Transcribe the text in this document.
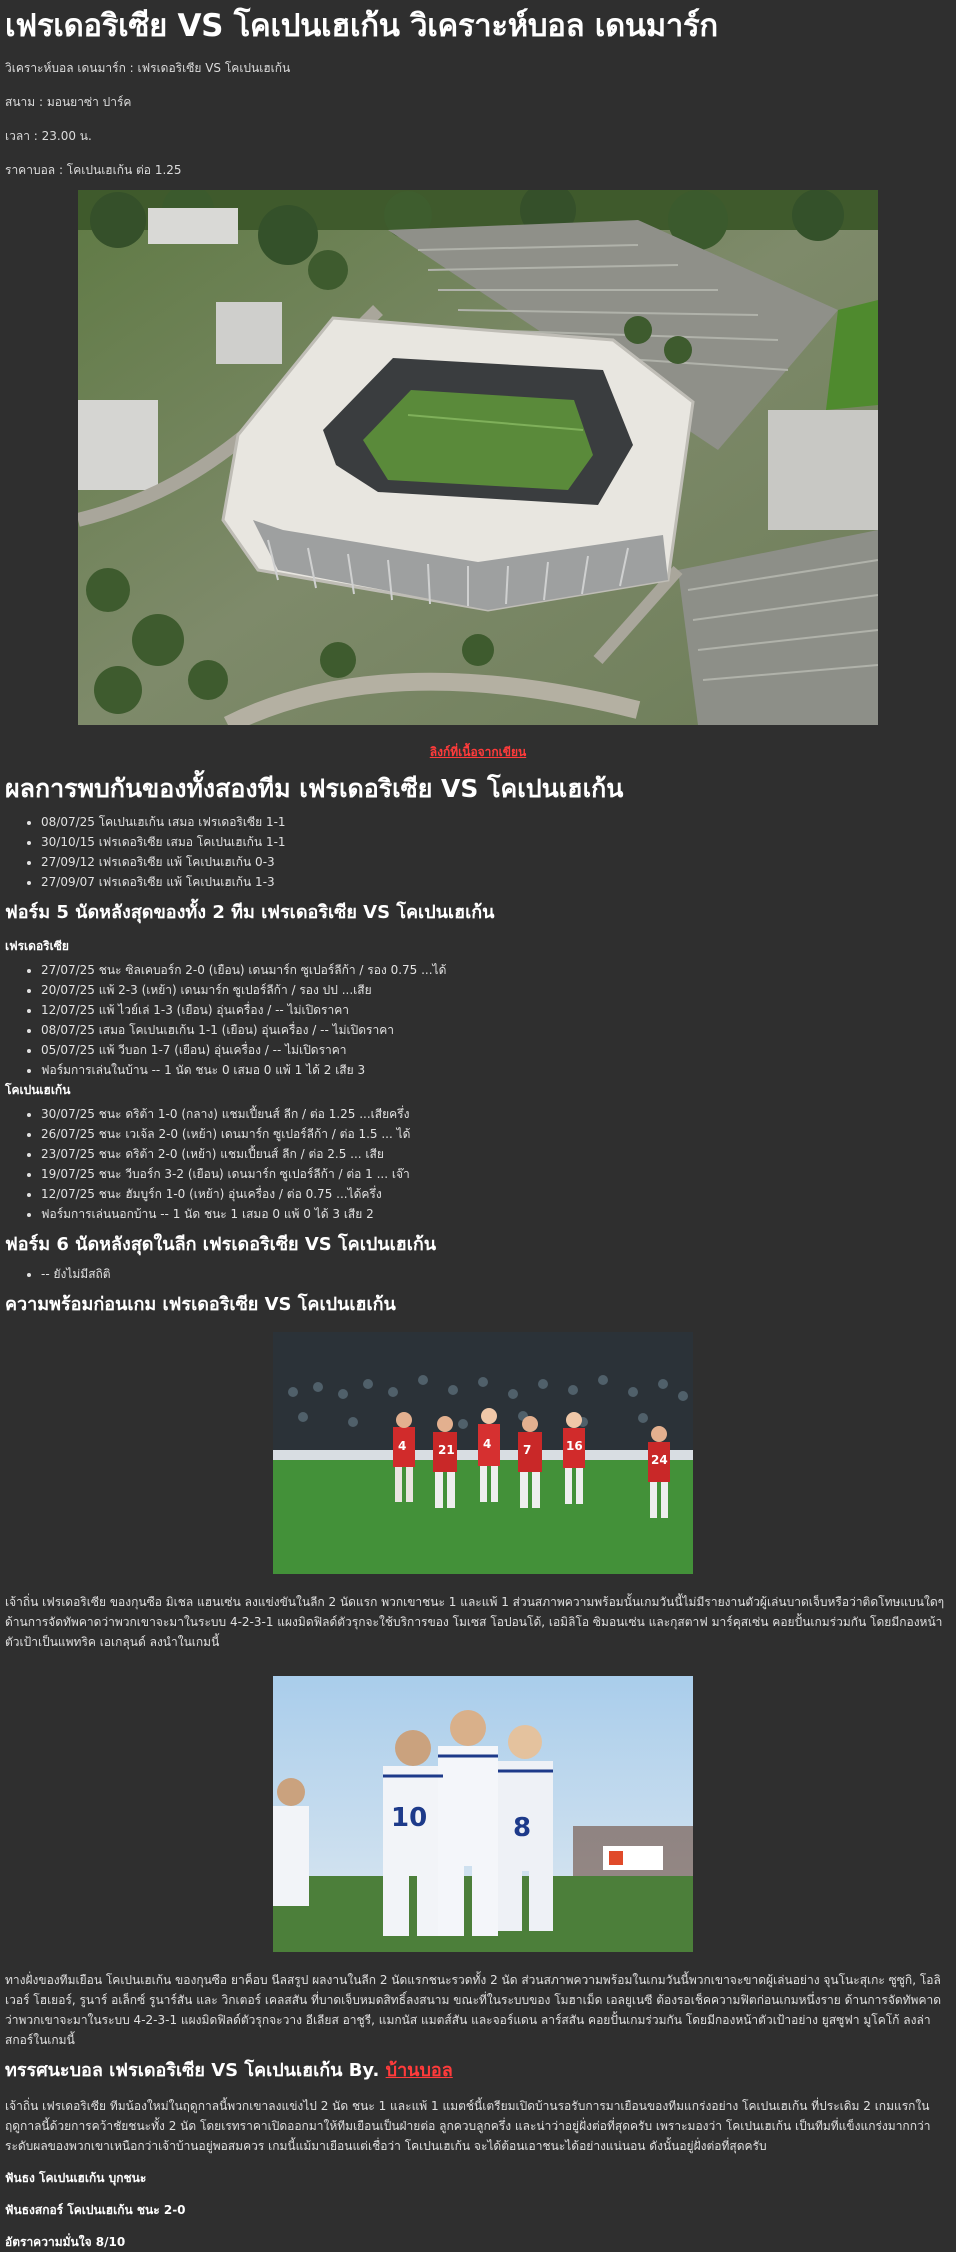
เฟรเดอริเซีย VS โคเปนเฮเก้น วิเคราะห์บอล เดนมาร์ก

วิเคราะห์บอล เดนมาร์ก : เฟรเดอริเซีย VS โคเปนเฮเก้น

สนาม : มอนยาซ่า ปาร์ค

เวลา : 23.00 น.

ราคาบอล : โคเปนเฮเก้น ต่อ 1.25

ลิงก์ที่เนื้อจากเขียน

ผลการพบกันของทั้งสองทีม เฟรเดอริเซีย VS โคเปนเฮเก้น
• 08/07/25 โคเปนเฮเก้น เสมอ เฟรเดอริเซีย 1-1
• 30/10/15 เฟรเดอริเซีย เสมอ โคเปนเฮเก้น 1-1
• 27/09/12 เฟรเดอริเซีย แพ้ โคเปนเฮเก้น 0-3
• 27/09/07 เฟรเดอริเซีย แพ้ โคเปนเฮเก้น 1-3
ฟอร์ม 5 นัดหลังสุดของทั้ง 2 ทีม เฟรเดอริเซีย VS โคเปนเฮเก้น
เฟรเดอริเซีย
• 27/07/25 ชนะ ซิลเคบอร์ก 2-0 (เยือน) เดนมาร์ก ซูเปอร์ลีก้า / รอง 0.75 ...ได้
• 20/07/25 แพ้ 2-3 (เหย้า) เดนมาร์ก ซูเปอร์ลีก้า / รอง ปป ...เสีย
• 12/07/25 แพ้ ไวย์เล่ 1-3 (เยือน) อุ่นเครื่อง / -- ไม่เปิดราคา
• 08/07/25 เสมอ โคเปนเฮเก้น 1-1 (เยือน) อุ่นเครื่อง / -- ไม่เปิดราคา
• 05/07/25 แพ้ วีบอก 1-7 (เยือน) อุ่นเครื่อง / -- ไม่เปิดราคา
• ฟอร์มการเล่นในบ้าน -- 1 นัด ชนะ 0 เสมอ 0 แพ้ 1 ได้ 2 เสีย 3
โคเปนเฮเก้น
• 30/07/25 ชนะ ดริต้า 1-0 (กลาง) แชมเปี้ยนส์ ลีก / ต่อ 1.25 ...เสียครึ่ง
• 26/07/25 ชนะ เวเจ้ล 2-0 (เหย้า) เดนมาร์ก ซูเปอร์ลีก้า / ต่อ 1.5 ... ได้
• 23/07/25 ชนะ ดริต้า 2-0 (เหย้า) แชมเปี้ยนส์ ลีก / ต่อ 2.5 ... เสีย
• 19/07/25 ชนะ วีบอร์ก 3-2 (เยือน) เดนมาร์ก ซูเปอร์ลีก้า / ต่อ 1 ... เจ๊า
• 12/07/25 ชนะ ฮัมบูร์ก 1-0 (เหย้า) อุ่นเครื่อง / ต่อ 0.75 ...ได้ครึ่ง
• ฟอร์มการเล่นนอกบ้าน -- 1 นัด ชนะ 1 เสมอ 0 แพ้ 0 ได้ 3 เสีย 2
ฟอร์ม 6 นัดหลังสุดในลีก เฟรเดอริเซีย VS โคเปนเฮเก้น
• -- ยังไม่มีสถิติ
ความพร้อมก่อนเกม เฟรเดอริเซีย VS โคเปนเฮเก้น
4	21 4	7	16
24

เจ้าถิ่น เฟรเดอริเซีย ของกุนซือ มิเชล แฮนเซ่น ลงแข่งขันในลีก 2 นัดแรก พวกเขาชนะ 1 และแพ้ 1 ส่วนสภาพความพร้อมนั้นเกมวันนี้ไม่มีรายงานตัวผู้เล่นบาดเจ็บหรือว่าติดโทษแบนใดๆ ด้านการจัดทัพคาดว่าพวกเขาจะมาในระบบ 4-2-3-1 แผงมิดฟิลด์ตัวรุกจะใช้บริการของ โมเซส โอปอนโด้, เอมิลิโอ ซิมอนเซ่น และกุสตาฟ มาร์คุสเซ่น คอยปั้นเกมร่วมกัน โดยมีกองหน้าตัวเป้าเป็นแพทริค เอเกลุนด์ ลงนำในเกมนี้

10	8

ทางฝั่งของทีมเยือน โคเปนเฮเก้น ของกุนซือ ยาค็อบ นีลสรูป ผลงานในลีก 2 นัดแรกชนะรวดทั้ง 2 นัด ส่วนสภาพความพร้อมในเกมวันนี้พวกเขาจะขาดผู้เล่นอย่าง จุนโนะสุเกะ ซูซูกิ, โอลิเวอร์ โฮเยอร์, รูนาร์ อเล็กซ์ รูนาร์สัน และ วิกเตอร์ เคลสสัน ที่บาดเจ็บหมดสิทธิ์ลงสนาม ขณะที่ในระบบของ โมฮาเม็ด เอลยูเนซี ต้องรอเช็คความฟิตก่อนเกมหนึ่งราย ด้านการจัดทัพคาดว่าพวกเขาจะมาในระบบ 4-2-3-1 แผงมิดฟิลด์ตัวรุกจะวาง อีเลียส อาชูรี, แมกนัส แมตส์สัน และจอร์แดน ลาร์สสัน คอยปั้นเกมร่วมกัน โดยมีกองหน้าตัวเป้าอย่าง ยูสซูฟา มูโคโก้ ลงล่าสกอร์ในเกมนี้

ทรรศนะบอล เฟรเดอริเซีย VS โคเปนเฮเก้น By. บ้านบอล

เจ้าถิ่น เฟรเดอริเซีย ทีมน้องใหม่ในฤดูกาลนี้พวกเขาลงแข่งไป 2 นัด ชนะ 1 และแพ้ 1 แมตช์นี้เตรียมเปิดบ้านรอรับการมาเยือนของทีมแกร่งอย่าง โคเปนเฮเก้น ที่ประเดิม 2 เกมแรกในฤดูกาลนี้ด้วยการคว้าชัยชนะทั้ง 2 นัด โดยเรทราคาเปิดออกมาให้ทีมเยือนเป็นฝ่ายต่อ ลูกควบลูกครึ่ง และน่าว่าอยู่ฝั่งต่อที่สุดครับ เพราะมองว่า โคเปนเฮเก้น เป็นทีมที่แข็งแกร่งมากกว่า ระดับผลของพวกเขาเหนือกว่าเจ้าบ้านอยู่พอสมควร เกมนี้แม้มาเยือนแต่เชื่อว่า โคเปนเฮเก้น จะได้ต้อนเอาชนะได้อย่างแน่นอน ดังนั้นอยู่ฝั่งต่อที่สุดครับ

ฟันธง โคเปนเฮเก้น บุกชนะ

ฟันธงสกอร์ โคเปนเฮเก้น ชนะ 2-0

อัตราความมั่นใจ 8/10
